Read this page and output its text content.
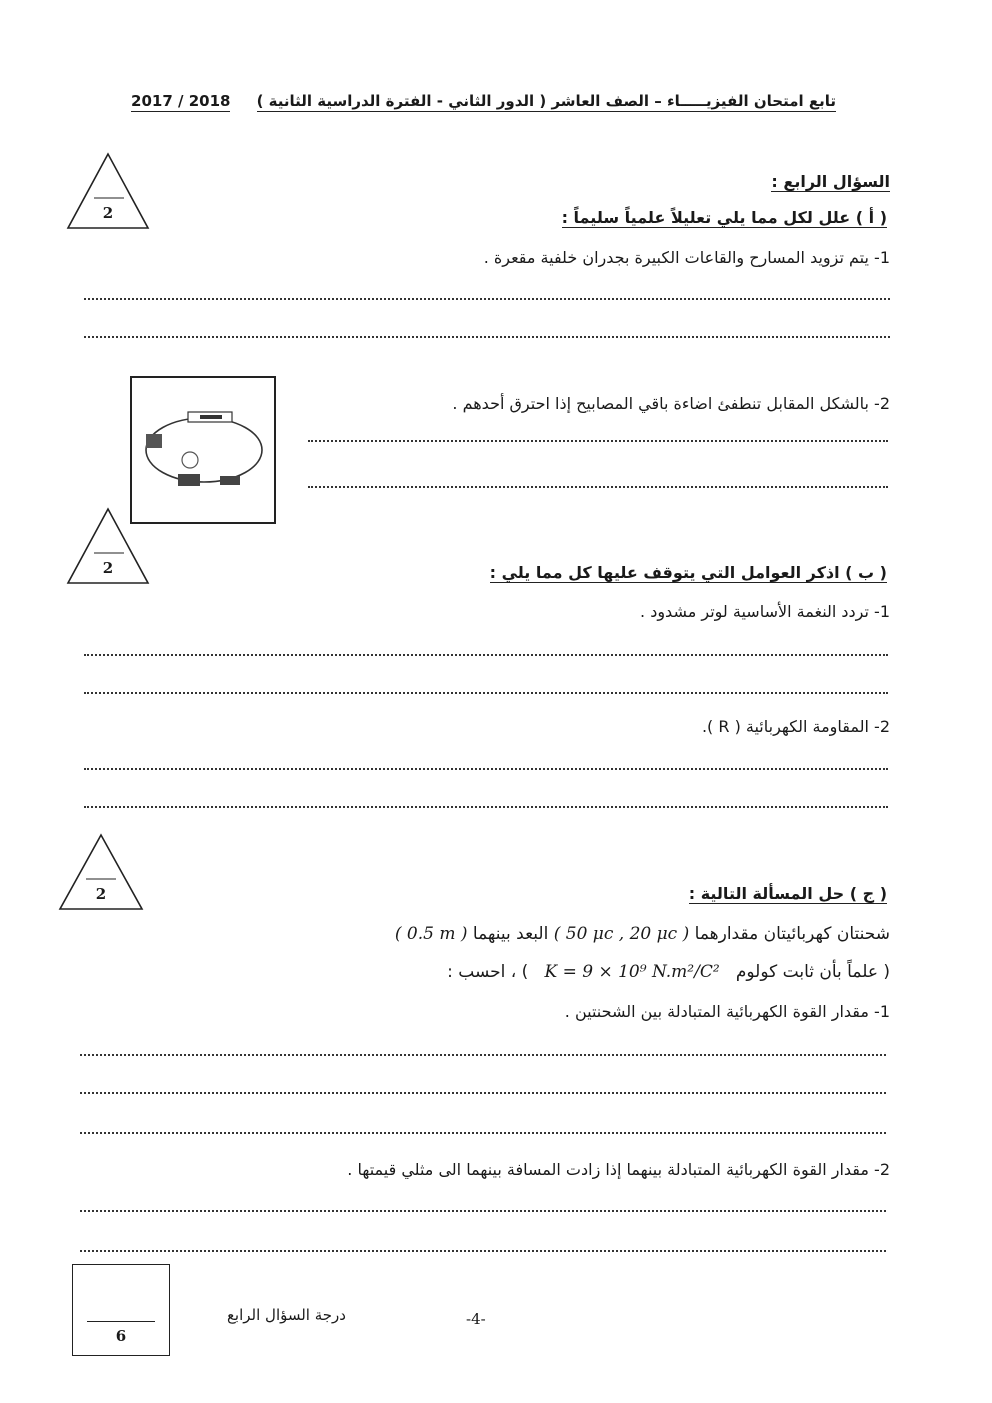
تابع امتحان الفيزيـــــاء – الصف العاشر ( الدور الثاني - الفترة الدراسية الثانية )     2017 / 2018
السؤال الرابع :
2	( أ ) علل لكل مما يلي تعليلاً علمياً سليماً :
1- يتم تزويد المسارح والقاعات الكبيرة بجدران خلفية مقعرة .
2- بالشكل المقابل تنطفئ اضاءة باقي المصابيح إذا احترق أحدهم .
2	( ب ) اذكر العوامل التي يتوقف عليها كل مما يلي :
1- تردد النغمة الأساسية لوتر مشدود .
2- المقاومة الكهربائية ( R ).
2	( ج ) حل المسألة التالية :
شحنتان كهربائيتان مقدارهما ( 50 μc , 20 μc ) البعد بينهما ( 0.5 m )
( علماً بأن ثابت كولوم   K = 9 × 10⁹ N.m²/C²   ) ، احسب :
1- مقدار القوة الكهربائية المتبادلة بين الشحنتين .
2- مقدار القوة الكهربائية المتبادلة بينهما إذا زادت المسافة بينهما الى مثلي قيمتها .
6
درجة السؤال الرابع	-4-
